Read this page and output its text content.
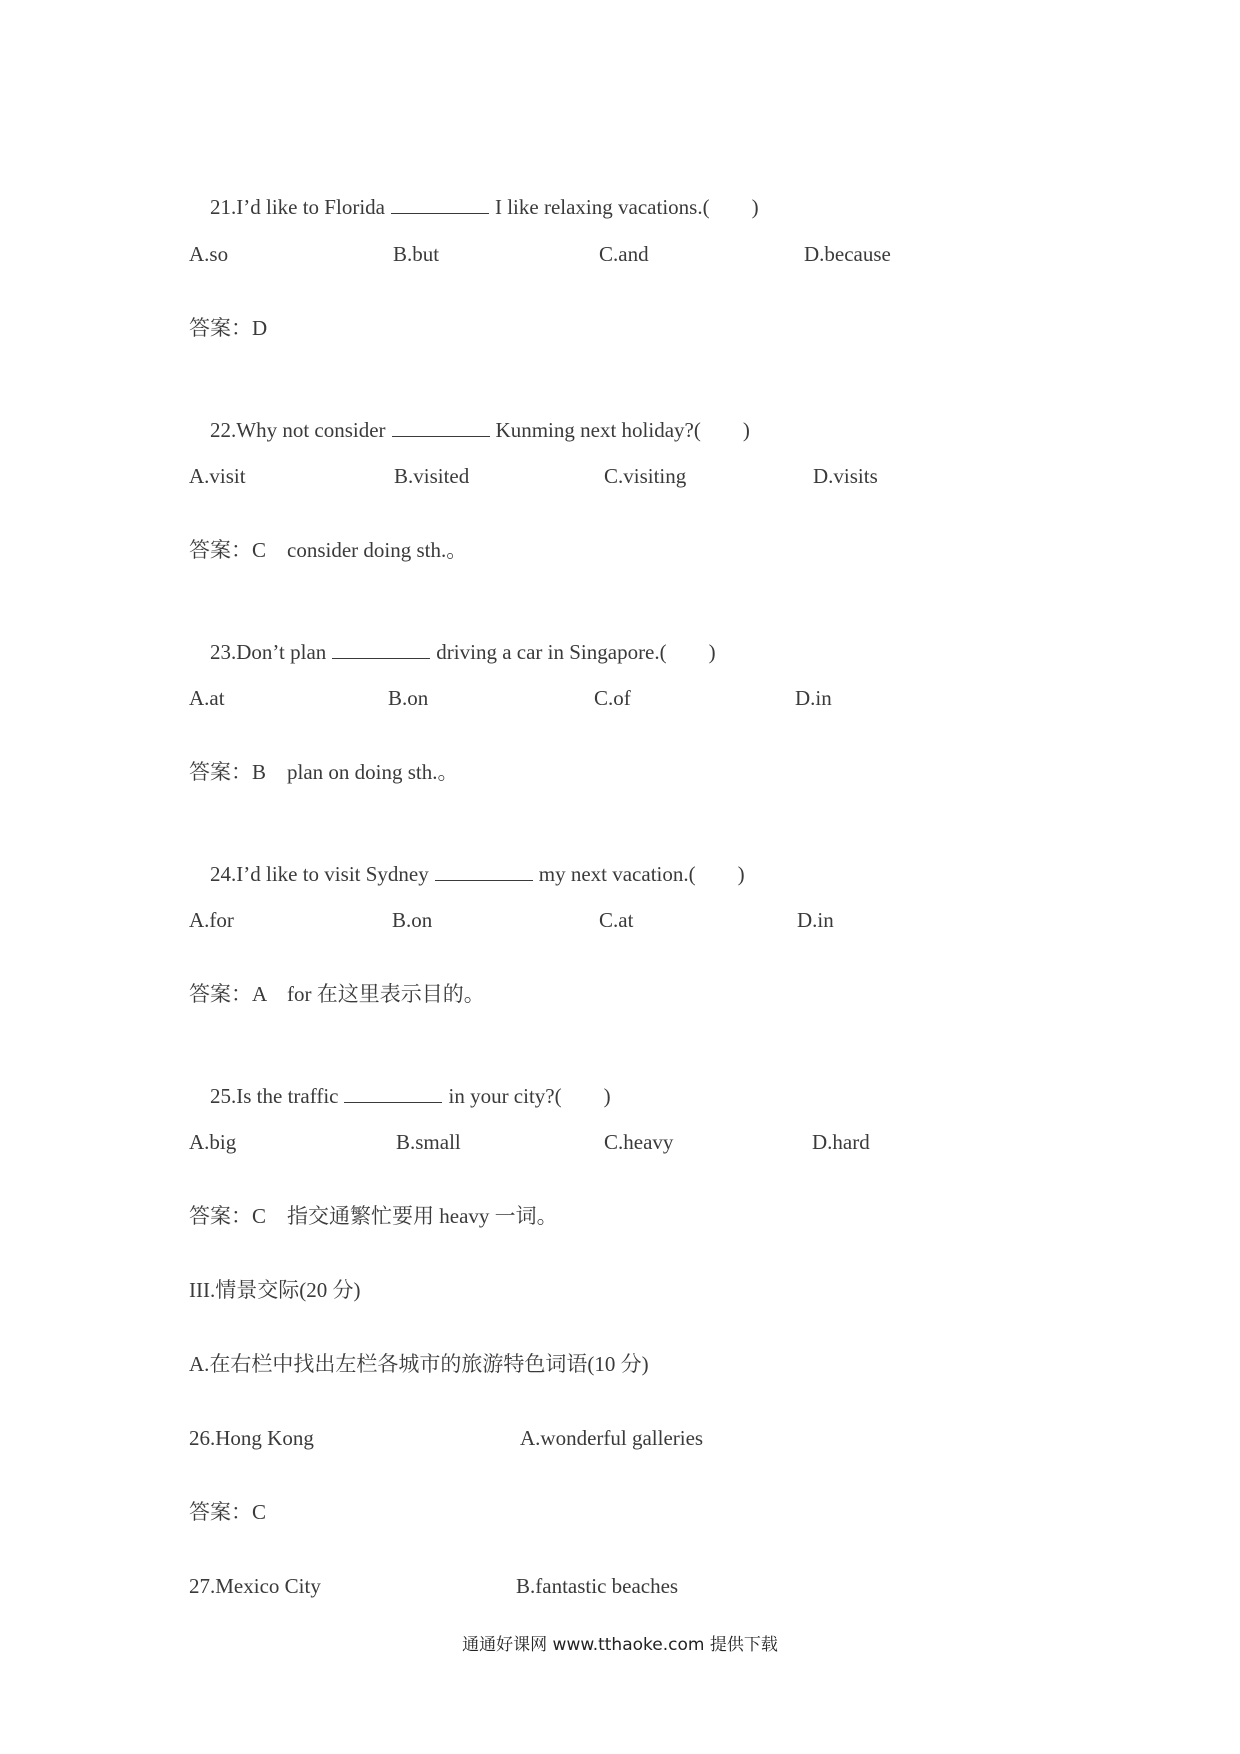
21.I’d like to Florida	I like relaxing vacations.(        )

A.so	B.but	C.and	D.because
答案：D

22.Why not consider	Kunming next holiday?(        )

A.visit	B.visited	C.visiting	D.visits
答案：C    consider doing sth.。

23.Don’t plan	driving a car in Singapore.(        )

A.at	B.on	C.of	D.in
答案：B    plan on doing sth.。

24.I’d like to visit Sydney	my next vacation.(        )

A.for	B.on	C.at	D.in
答案：A    for 在这里表示目的。

25.Is the traffic	in your city?(        )

A.big	B.small	C.heavy	D.hard
答案：C    指交通繁忙要用 heavy 一词。
III.情景交际(20 分)
A.在右栏中找出左栏各城市的旅游特色词语(10 分)
26.Hong Kong	A.wonderful galleries
答案：C
27.Mexico City	B.fantastic beaches
通通好课网 www.tthaoke.com 提供下载
